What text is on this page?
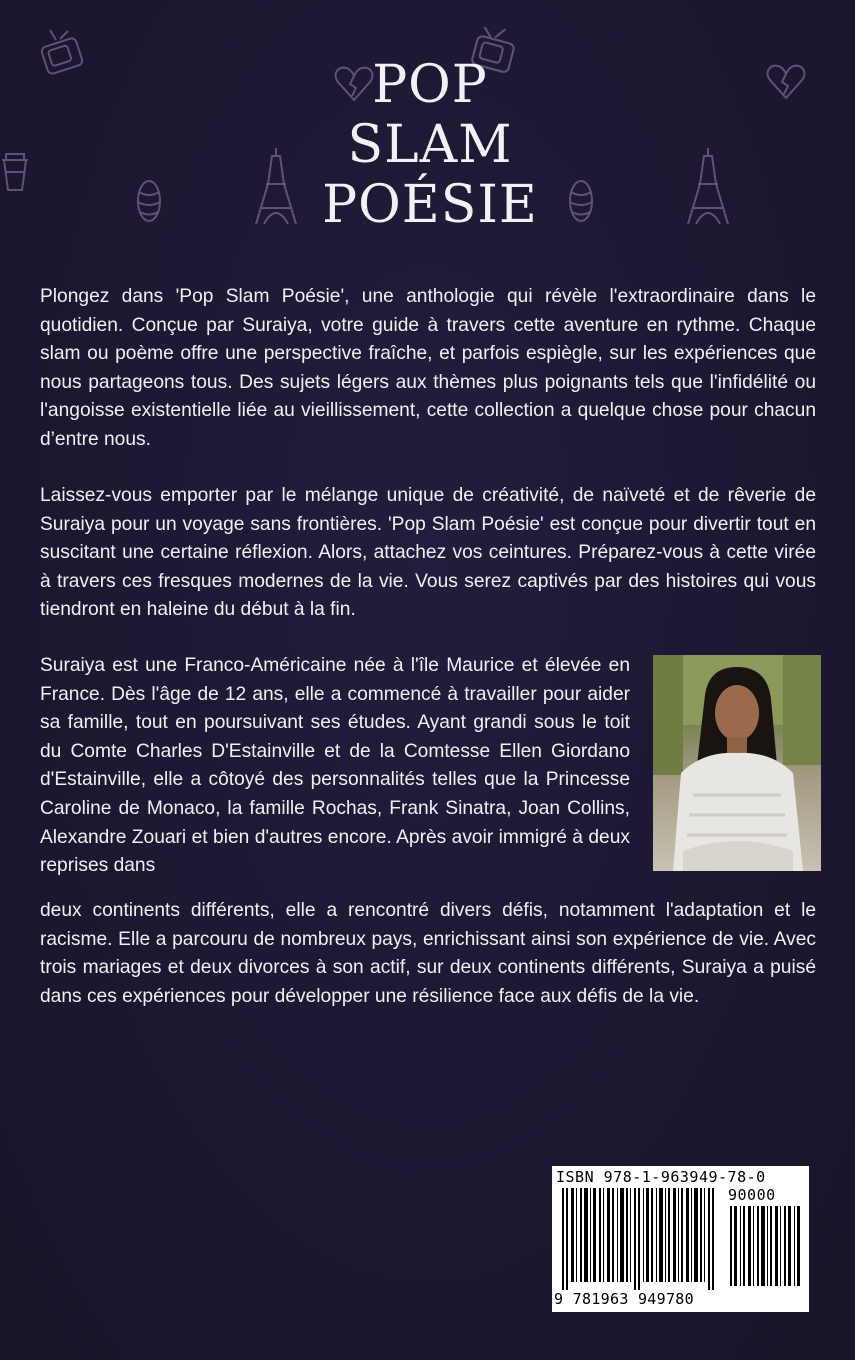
POP
SLAM
POÉSIE

Plongez dans 'Pop Slam Poésie', une anthologie qui révèle l'extraordinaire dans le quotidien. Conçue par Suraiya, votre guide à travers cette aventure en rythme. Chaque slam ou poème offre une perspective fraîche, et parfois espiègle, sur les expériences que nous partageons tous. Des sujets légers aux thèmes plus poignants tels que l'infidélité ou l'angoisse existentielle liée au vieillissement, cette collection a quelque chose pour chacun d’entre nous.

Laissez-vous emporter par le mélange unique de créativité, de naïveté et de rêverie de Suraiya pour un voyage sans frontières. 'Pop Slam Poésie' est conçue pour divertir tout en suscitant une certaine réflexion. Alors, attachez vos ceintures. Préparez-vous à cette virée à travers ces fresques modernes de la vie. Vous serez captivés par des histoires qui vous tiendront en haleine du début à la fin.

Suraiya est une Franco-Américaine née à l'île Maurice et élevée en France. Dès l'âge de 12 ans, elle a commencé à travailler pour aider sa famille, tout en poursuivant ses études. Ayant grandi sous le toit du Comte Charles D'Estainville et de la Comtesse Ellen Giordano d'Estainville, elle a côtoyé des personnalités telles que la Princesse Caroline de Monaco, la famille Rochas, Frank Sinatra, Joan Collins, Alexandre Zouari et bien d'autres encore. Après avoir immigré à deux reprises dans

deux continents différents, elle a rencontré divers défis, notamment l'adaptation et le racisme. Elle a parcouru de nombreux pays, enrichissant ainsi son expérience de vie. Avec trois mariages et deux divorces à son actif, sur deux continents différents, Suraiya a puisé dans ces expériences pour développer une résilience face aux défis de la vie.

ISBN 978-1-963949-78-0
90000
9 781963 949780
